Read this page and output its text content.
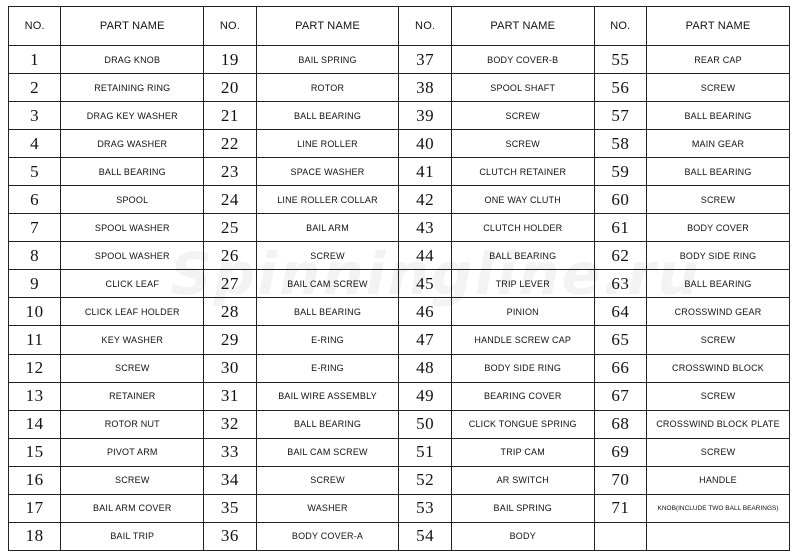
NO.	PART NAME	NO.	PART NAME	NO.	PART NAME	NO.	PART NAME
1	DRAG KNOB	19	BAIL SPRING	37	BODY COVER-B	55	REAR CAP
2	RETAINING RING	20	ROTOR	38	SPOOL SHAFT	56	SCREW
3	DRAG KEY WASHER	21	BALL BEARING	39	SCREW	57	BALL BEARING
4	DRAG WASHER	22	LINE ROLLER	40	SCREW	58	MAIN GEAR
5	BALL BEARING	23	SPACE WASHER	41	CLUTCH RETAINER	59	BALL BEARING
6	SPOOL	24	LINE ROLLER COLLAR	42	ONE WAY CLUTH	60	SCREW
7	SPOOL WASHER	25	BAIL ARM	43	CLUTCH HOLDER	61	BODY COVER
8	SPOOL WASHER	26	SCREW	44	BALL BEARING	62	BODY SIDE RING
9	CLICK LEAF	27	BAIL CAM SCREW	45	TRIP LEVER	63	BALL BEARING
10	CLICK LEAF HOLDER	28	BALL BEARING	46	PINION	64	CROSSWIND GEAR
11	KEY WASHER	29	E-RING	47	HANDLE SCREW CAP	65	SCREW
12	SCREW	30	E-RING	48	BODY SIDE RING	66	CROSSWIND BLOCK
13	RETAINER	31	BAIL WIRE ASSEMBLY	49	BEARING COVER	67	SCREW
14	ROTOR NUT	32	BALL BEARING	50	CLICK TONGUE SPRING	68	CROSSWIND BLOCK PLATE
15	PIVOT ARM	33	BAIL CAM SCREW	51	TRIP CAM	69	SCREW
16	SCREW	34	SCREW	52	AR SWITCH	70	HANDLE
17	BAIL ARM COVER	35	WASHER	53	BAIL SPRING	71	KNOB(INCLUDE TWO BALL BEARINGS)
18	BAIL TRIP	36	BODY COVER-A	54	BODY		
